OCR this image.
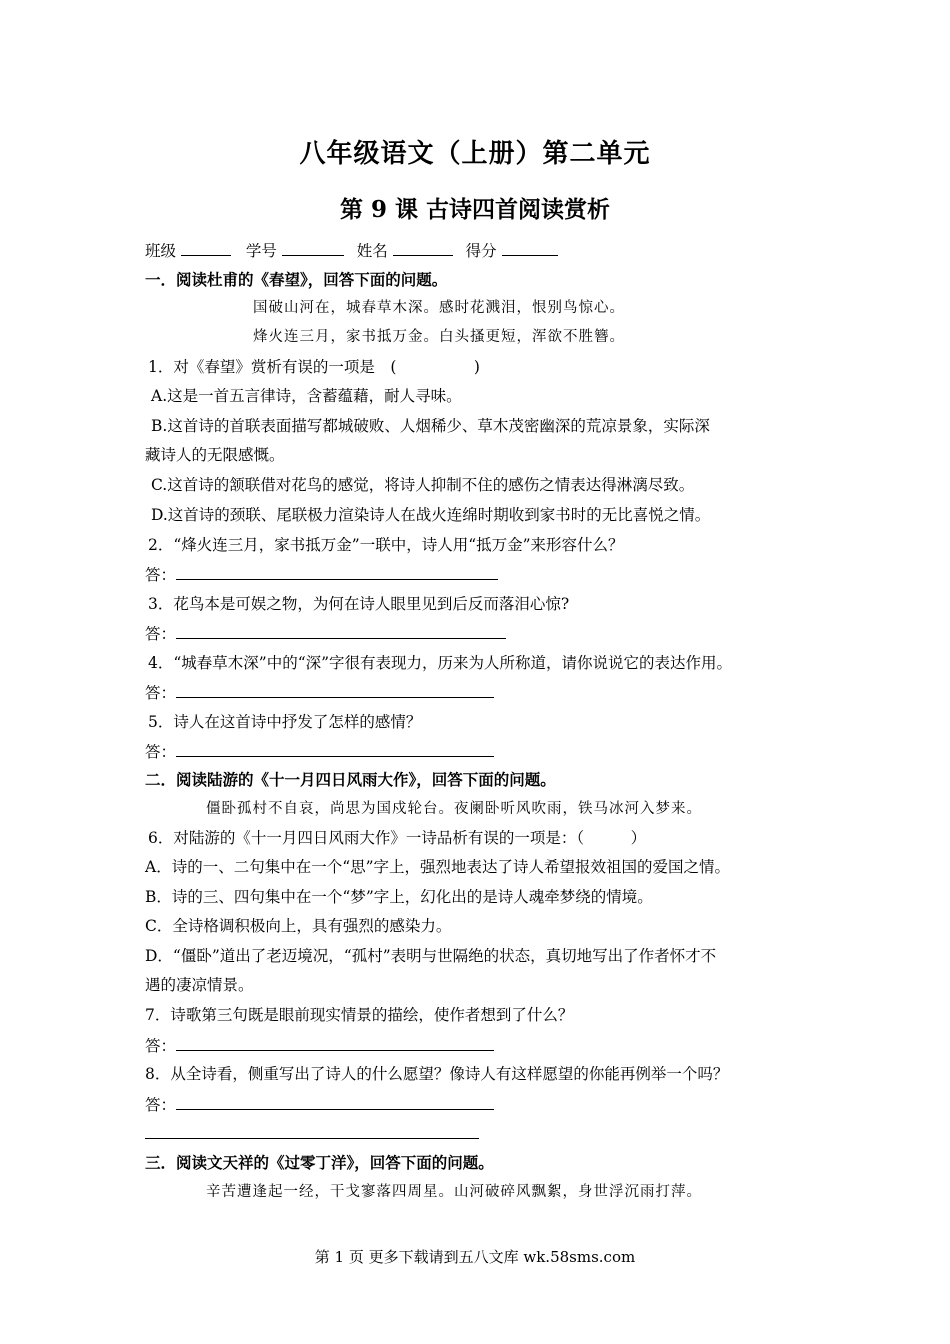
八年级语文（上册）第二单元
第 9 课 古诗四首阅读赏析
班级	学号	姓名	得分
一．阅读杜甫的《春望》，回答下面的问题。
国破山河在，城春草木深。感时花溅泪，恨别鸟惊心。
烽火连三月，家书抵万金。白头搔更短，浑欲不胜簪。
1．对《春望》赏析有误的一项是　(　　　　　)
A.这是一首五言律诗，含蓄蕴藉，耐人寻味。
B.这首诗的首联表面描写都城破败、人烟稀少、草木茂密幽深的荒凉景象，实际深
藏诗人的无限感慨。
C.这首诗的颔联借对花鸟的感觉，将诗人抑制不住的感伤之情表达得淋漓尽致。
D.这首诗的颈联、尾联极力渲染诗人在战火连绵时期收到家书时的无比喜悦之情。
2．“烽火连三月，家书抵万金”一联中，诗人用“抵万金”来形容什么？
答：
3．花鸟本是可娱之物，为何在诗人眼里见到后反而落泪心惊?
答：
4．“城春草木深”中的“深”字很有表现力，历来为人所称道，请你说说它的表达作用。
答：
5．诗人在这首诗中抒发了怎样的感情？
答：
二．阅读陆游的《十一月四日风雨大作》，回答下面的问题。
僵卧孤村不自哀，尚思为国戍轮台。夜阑卧听风吹雨，铁马冰河入梦来。
6．对陆游的《十一月四日风雨大作》一诗品析有误的一项是：（　　　）
A．诗的一、二句集中在一个“思”字上，强烈地表达了诗人希望报效祖国的爱国之情。
B．诗的三、四句集中在一个“梦”字上，幻化出的是诗人魂牵梦绕的情境。
C．全诗格调积极向上，具有强烈的感染力。
D．“僵卧”道出了老迈境况，“孤村”表明与世隔绝的状态，真切地写出了作者怀才不
遇的凄凉情景。
7．诗歌第三句既是眼前现实情景的描绘，使作者想到了什么？
答：
8．从全诗看，侧重写出了诗人的什么愿望？像诗人有这样愿望的你能再例举一个吗？
答：
三．阅读文天祥的《过零丁洋》，回答下面的问题。
辛苦遭逢起一经，干戈寥落四周星。山河破碎风飘絮，身世浮沉雨打萍。
第 1 页 更多下载请到五八文库 wk.58sms.com
